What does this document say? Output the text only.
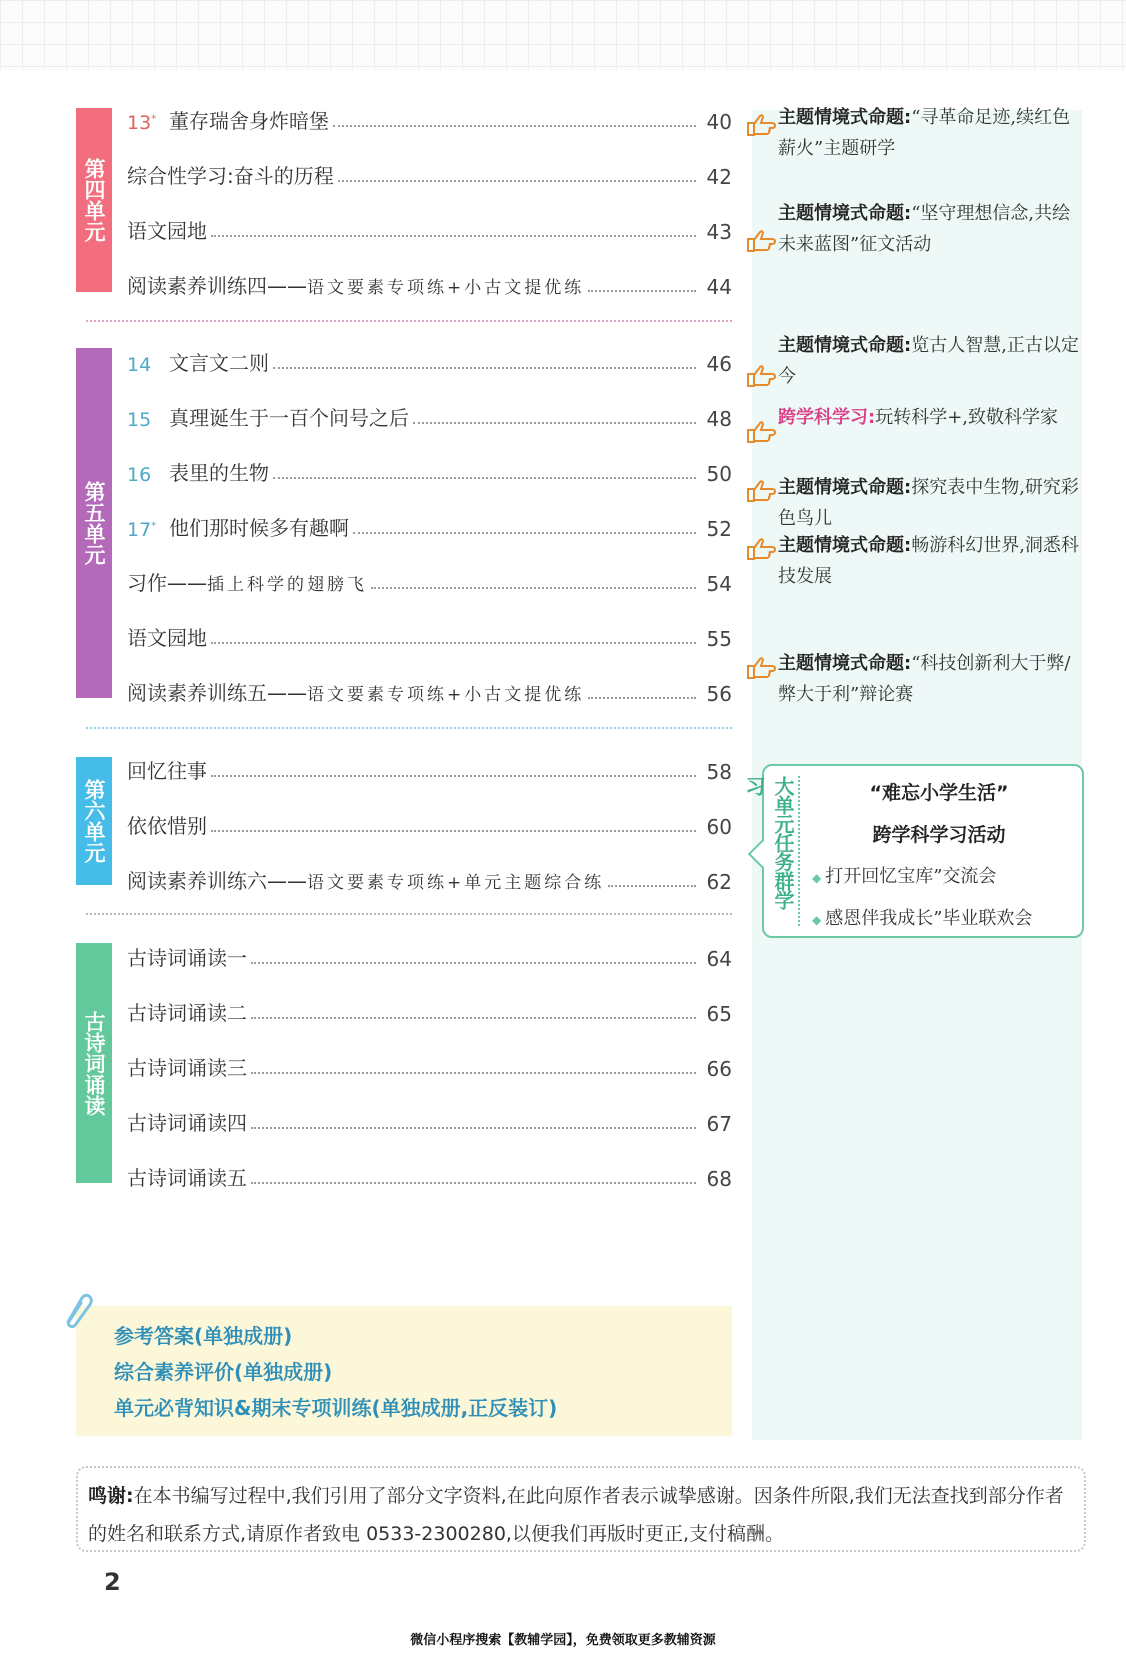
第四单元
第五单元
第六单元
古诗词诵读
13* 董存瑞舍身炸暗堡	40
综合性学习:奋斗的历程	42
语文园地	43
阅读素养训练四——语文要素专项练+小古文提优练	44
14 文言文二则	46
15 真理诞生于一百个问号之后	48
16 表里的生物	50
17* 他们那时候多有趣啊	52
习作——插上科学的翅膀飞	54
语文园地	55
阅读素养训练五——语文要素专项练+小古文提优练	56
回忆往事	58
依依惜别	60
阅读素养训练六——语文要素专项练+单元主题综合练	62
古诗词诵读一	64
古诗词诵读二	65
古诗词诵读三	66
古诗词诵读四	67
古诗词诵读五	68
主题情境式命题:“寻革命足迹,续红色薪火”主题研学
主题情境式命题:“坚守理想信念,共绘未来蓝图”征文活动
主题情境式命题:览古人智慧,正古以定今
跨学科学习:玩转科学+,致敬科学家
主题情境式命题:探究表中生物,研究彩色鸟儿
主题情境式命题:畅游科幻世界,洞悉科技发展
主题情境式命题:“科技创新利大于弊/弊大于利”辩论赛
大单元任务群学习	“难忘小学生活”
跨学科学习活动
◆ 打开回忆宝库”交流会
◆ 感恩伴我成长”毕业联欢会
参考答案(单独成册)
综合素养评价(单独成册)
单元必背知识&期末专项训练(单独成册,正反装订)
鸣谢:在本书编写过程中,我们引用了部分文字资料,在此向原作者表示诚挚感谢。因条件所限,我们无法查找到部分作者的姓名和联系方式,请原作者致电 0533-2300280,以便我们再版时更正,支付稿酬。
2
微信小程序搜索【教辅学园】，免费领取更多教辅资源
